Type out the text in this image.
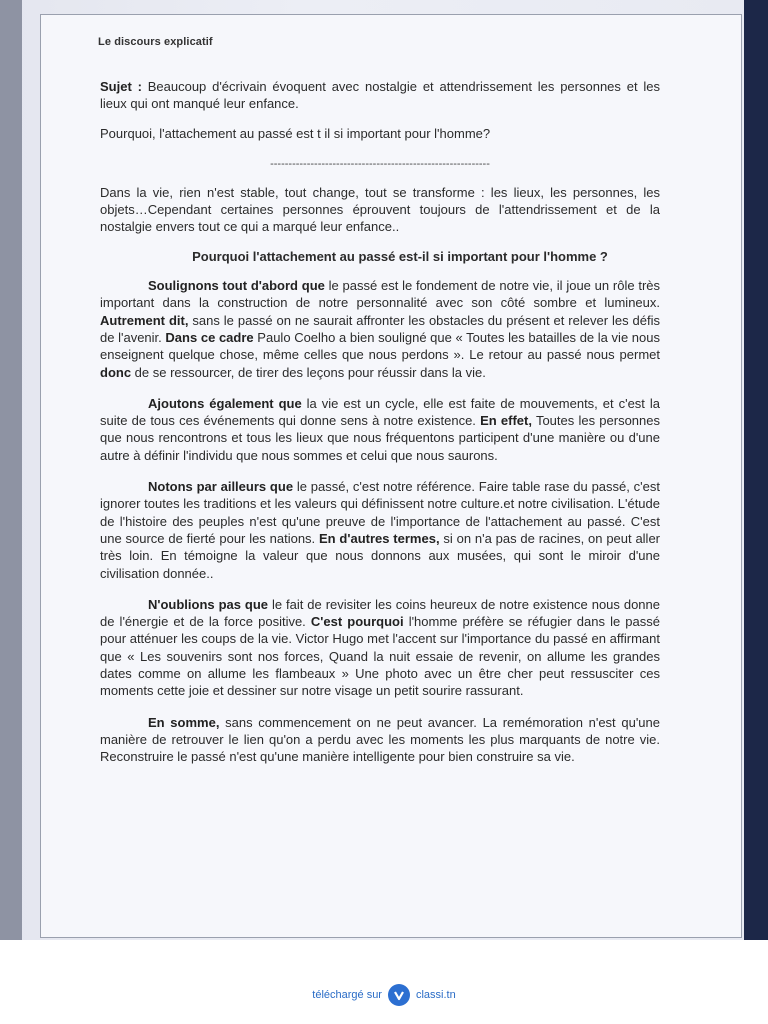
Le discours explicatif

Sujet : Beaucoup d'écrivain évoquent avec nostalgie et attendrissement les personnes et les lieux qui ont manqué leur enfance.

Pourquoi, l'attachement au passé est t il si important pour l'homme?

------------------------------------------------------------

Dans la vie, rien n'est stable, tout change, tout se transforme : les lieux, les personnes, les objets…Cependant certaines personnes éprouvent toujours de l'attendrissement et de la nostalgie envers tout ce qui a marqué leur enfance..

Pourquoi l'attachement au passé est-il si important pour l'homme ?

Soulignons tout d'abord que le passé est le fondement de notre vie, il joue un rôle très important dans la construction de notre personnalité avec son côté sombre et lumineux. Autrement dit, sans le passé on ne saurait affronter les obstacles du présent et relever les défis de l'avenir. Dans ce cadre Paulo Coelho a bien souligné que « Toutes les batailles de la vie nous enseignent quelque chose, même celles que nous perdons ». Le retour au passé nous permet donc de se ressourcer, de tirer des leçons pour réussir dans la vie.

Ajoutons également que la vie est un cycle, elle est faite de mouvements, et c'est la suite de tous ces événements qui donne sens à notre existence. En effet, Toutes les personnes que nous rencontrons et tous les lieux que nous fréquentons participent d'une manière ou d'une autre à définir l'individu que nous sommes et celui que nous saurons.

Notons par ailleurs que le passé, c'est notre référence. Faire table rase du passé, c'est ignorer toutes les traditions et les valeurs qui définissent notre culture.et notre civilisation. L'étude de l'histoire des peuples n'est qu'une preuve de l'importance de l'attachement au passé. C'est une source de fierté pour les nations. En d'autres termes, si on n'a pas de racines, on peut aller très loin. En témoigne la valeur que nous donnons aux musées, qui sont le miroir d'une civilisation donnée..

N'oublions pas que le fait de revisiter les coins heureux de notre existence nous donne de l'énergie et de la force positive. C'est pourquoi l'homme préfère se réfugier dans le passé pour atténuer les coups de la vie. Victor Hugo met l'accent sur l'importance du passé en affirmant que « Les souvenirs sont nos forces, Quand la nuit essaie de revenir, on allume les grandes dates comme on allume les flambeaux » Une photo avec un être cher peut ressusciter ces moments cette joie et dessiner sur notre visage un petit sourire rassurant.

En somme, sans commencement on ne peut avancer. La remémoration n'est qu'une manière de retrouver le lien qu'on a perdu avec les moments les plus marquants de notre vie. Reconstruire le passé n'est qu'une manière intelligente pour bien construire sa vie.

téléchargé sur	classi.tn
